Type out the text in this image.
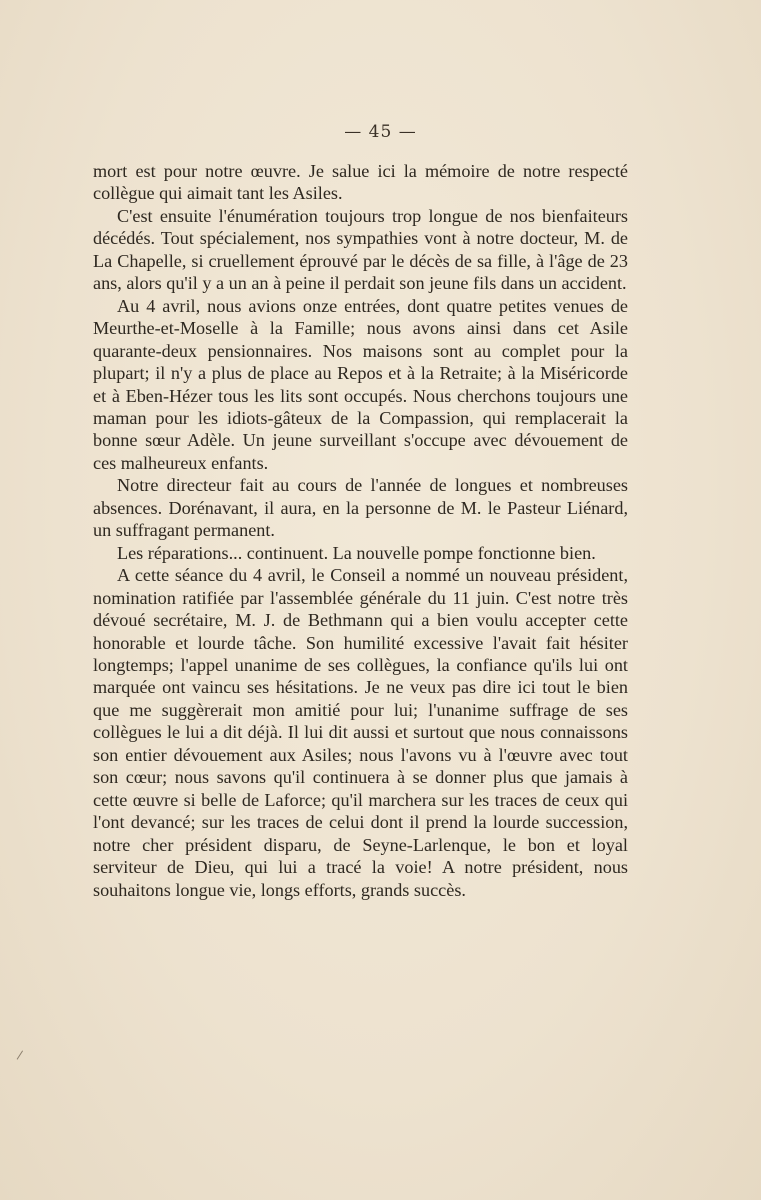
— 45 —

mort est pour notre œuvre. Je salue ici la mémoire de notre respecté collègue qui aimait tant les Asiles.

C'est ensuite l'énumération toujours trop longue de nos bienfaiteurs décédés. Tout spécialement, nos sympathies vont à notre docteur, M. de La Chapelle, si cruellement éprouvé par le décès de sa fille, à l'âge de 23 ans, alors qu'il y a un an à peine il perdait son jeune fils dans un accident.

Au 4 avril, nous avions onze entrées, dont quatre petites venues de Meurthe-et-Moselle à la Famille; nous avons ainsi dans cet Asile quarante-deux pensionnaires. Nos maisons sont au complet pour la plupart; il n'y a plus de place au Repos et à la Retraite; à la Miséricorde et à Eben-Hézer tous les lits sont occupés. Nous cherchons toujours une maman pour les idiots-gâteux de la Compassion, qui remplacerait la bonne sœur Adèle. Un jeune surveillant s'occupe avec dévouement de ces malheureux enfants.

Notre directeur fait au cours de l'année de longues et nombreuses absences. Dorénavant, il aura, en la personne de M. le Pasteur Liénard, un suffragant permanent.

Les réparations... continuent. La nouvelle pompe fonctionne bien.

A cette séance du 4 avril, le Conseil a nommé un nouveau président, nomination ratifiée par l'assemblée générale du 11 juin. C'est notre très dévoué secrétaire, M. J. de Bethmann qui a bien voulu accepter cette honorable et lourde tâche. Son humilité excessive l'avait fait hésiter longtemps; l'appel unanime de ses collègues, la confiance qu'ils lui ont marquée ont vaincu ses hésitations. Je ne veux pas dire ici tout le bien que me suggèrerait mon amitié pour lui; l'unanime suffrage de ses collègues le lui a dit déjà. Il lui dit aussi et surtout que nous connaissons son entier dévouement aux Asiles; nous l'avons vu à l'œuvre avec tout son cœur; nous savons qu'il continuera à se donner plus que jamais à cette œuvre si belle de Laforce; qu'il marchera sur les traces de ceux qui l'ont devancé; sur les traces de celui dont il prend la lourde succession, notre cher président disparu, de Seyne-Larlenque, le bon et loyal serviteur de Dieu, qui lui a tracé la voie! A notre président, nous souhaitons longue vie, longs efforts, grands succès.

\
